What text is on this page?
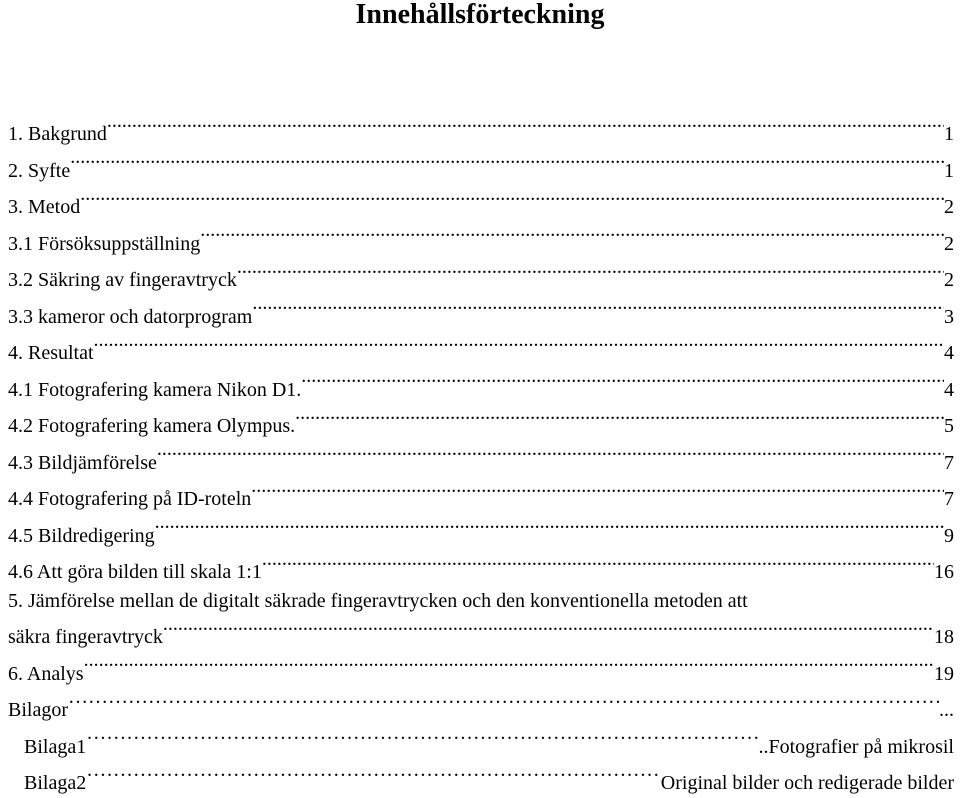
Innehållsförteckning
1. Bakgrund .....	1
2. Syfte .....	1
3. Metod .....	2
3.1 Försöksuppställning .....	2
3.2 Säkring av fingeravtryck .....	2
3.3 kameror och datorprogram .....	3
4. Resultat .....	4
4.1 Fotografering kamera Nikon D1. .....	4
4.2 Fotografering kamera Olympus. .....	5
4.3 Bildjämförelse .....	7
4.4 Fotografering på ID-roteln .....	7
4.5 Bildredigering .....	9
4.6 Att göra bilden till skala 1:1 .....	16
5. Jämförelse mellan de digitalt säkrade fingeravtrycken och den konventionella metoden att
säkra fingeravtryck .....	18
6. Analys .....	19
Bilagor ……………………………………………………………………………………………………………………………………	...
Bilaga1 ……………………………………………………………………………………………………………………………………	..Fotografier på mikrosil
Bilaga2 ……………………………………………………………………………………………………………………………………	Original bilder och redigerade bilder
